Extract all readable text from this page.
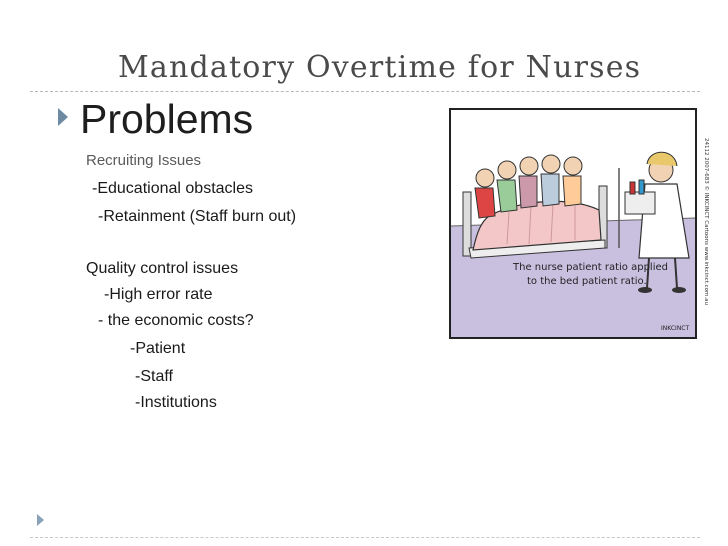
Mandatory Overtime for Nurses
Problems
Recruiting Issues
-Educational obstacles
-Retainment (Staff burn out)
Quality control issues
-High error rate
- the economic costs?
-Patient
-Staff
-Institutions
The nurse patient ratio applied
to the bed patient ratio.
INKCINCT
24112 2007-683 © INKCINCT Cartoons www.inkcinct.com.au
